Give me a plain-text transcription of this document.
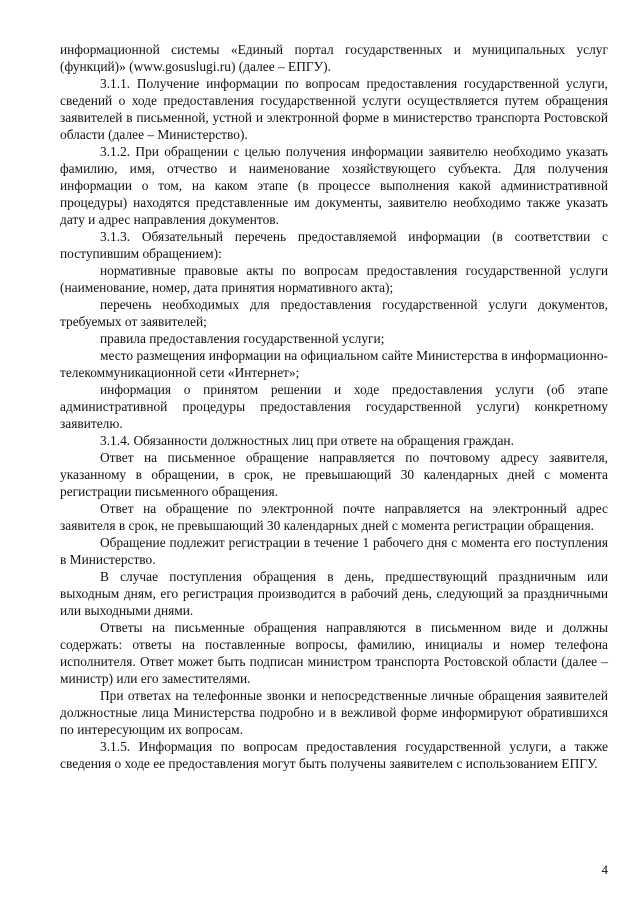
информационной системы «Единый портал государственных и муниципальных услуг (функций)» (www.gosuslugi.ru) (далее – ЕПГУ).

3.1.1. Получение информации по вопросам предоставления государственной услуги, сведений о ходе предоставления государственной услуги осуществляется путем обращения заявителей в письменной, устной и электронной форме в министерство транспорта Ростовской области (далее – Министерство).

3.1.2. При обращении с целью получения информации заявителю необходимо указать фамилию, имя, отчество и наименование хозяйствующего субъекта. Для получения информации о том, на каком этапе (в процессе выполнения какой административной процедуры) находятся представленные им документы, заявителю необходимо также указать дату и адрес направления документов.

3.1.3. Обязательный перечень предоставляемой информации (в соответствии с поступившим обращением):

нормативные правовые акты по вопросам предоставления государственной услуги (наименование, номер, дата принятия нормативного акта);

перечень необходимых для предоставления государственной услуги документов, требуемых от заявителей;

правила предоставления государственной услуги;

место размещения информации на официальном сайте Министерства в информационно-телекоммуникационной сети «Интернет»;

информация о принятом решении и ходе предоставления услуги (об этапе административной процедуры предоставления государственной услуги) конкретному заявителю.

3.1.4. Обязанности должностных лиц при ответе на обращения граждан.

Ответ на письменное обращение направляется по почтовому адресу заявителя, указанному в обращении, в срок, не превышающий 30 календарных дней с момента регистрации письменного обращения.

Ответ на обращение по электронной почте направляется на электронный адрес заявителя в срок, не превышающий 30 календарных дней с момента регистрации обращения.

Обращение подлежит регистрации в течение 1 рабочего дня с момента его поступления в Министерство.

В случае поступления обращения в день, предшествующий праздничным или выходным дням, его регистрация производится в рабочий день, следующий за праздничными или выходными днями.

Ответы на письменные обращения направляются в письменном виде и должны содержать: ответы на поставленные вопросы, фамилию, инициалы и номер телефона исполнителя. Ответ может быть подписан министром транспорта Ростовской области (далее – министр) или его заместителями.

При ответах на телефонные звонки и непосредственные личные обращения заявителей должностные лица Министерства подробно и в вежливой форме информируют обратившихся по интересующим их вопросам.

3.1.5. Информация по вопросам предоставления государственной услуги, а также сведения о ходе ее предоставления могут быть получены заявителем с использованием ЕПГУ.

4
